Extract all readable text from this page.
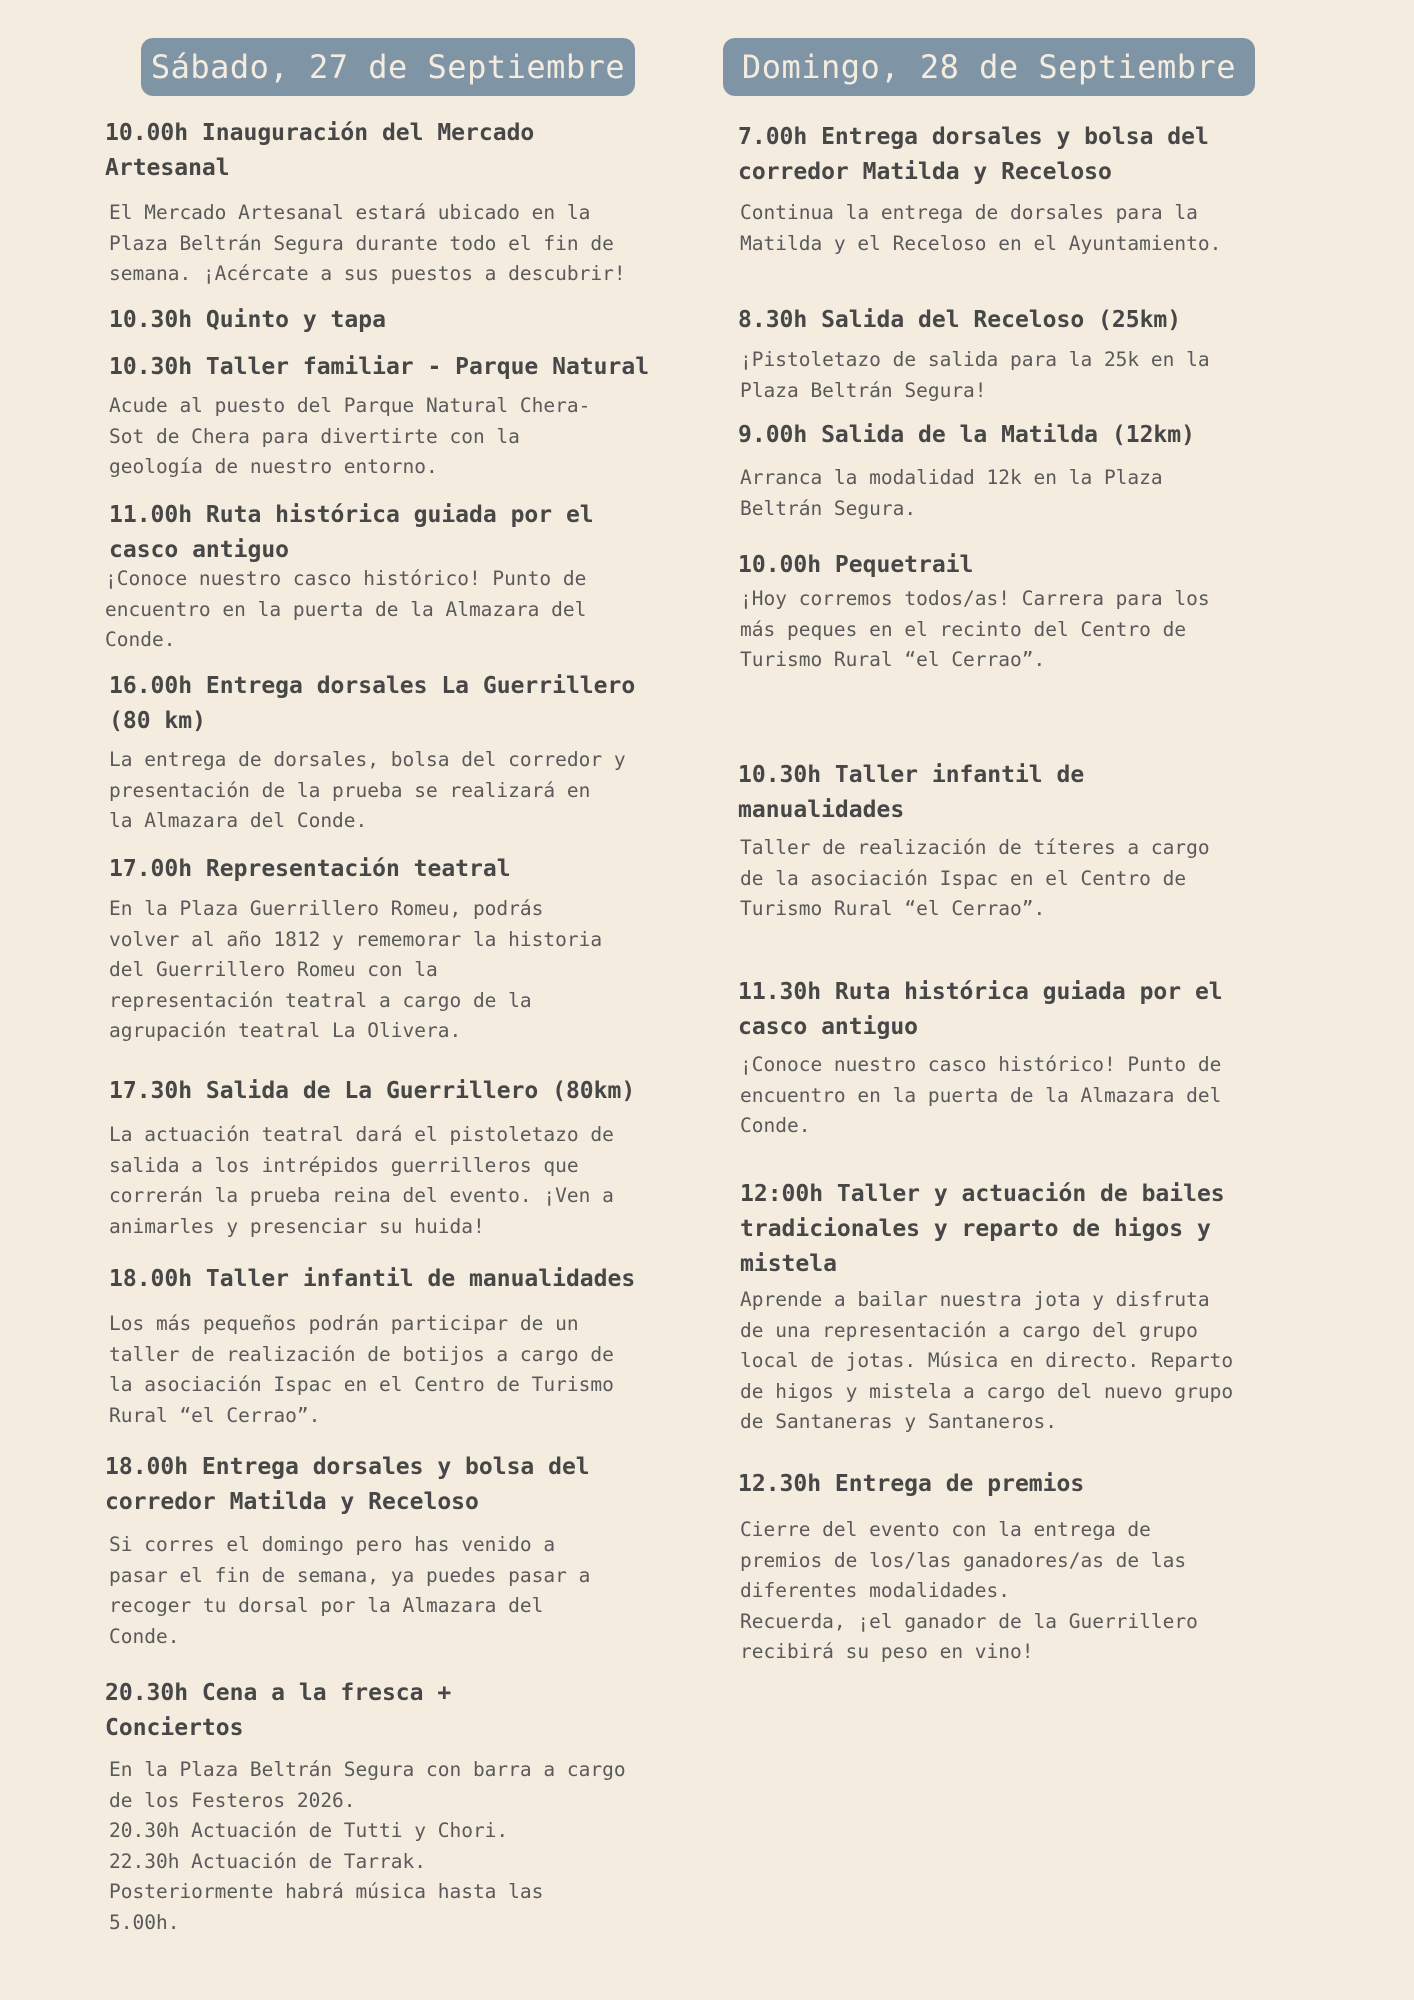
Sábado, 27 de Septiembre	Domingo, 28 de Septiembre
10.00h Inauguración del Mercado
Artesanal
El Mercado Artesanal estará ubicado en la
Plaza Beltrán Segura durante todo el fin de
semana. ¡Acércate a sus puestos a descubrir!
10.30h Quinto y tapa
10.30h Taller familiar - Parque Natural
Acude al puesto del Parque Natural Chera-
Sot de Chera para divertirte con la
geología de nuestro entorno.
11.00h Ruta histórica guiada por el
casco antiguo
¡Conoce nuestro casco histórico! Punto de
encuentro en la puerta de la Almazara del
Conde.
16.00h Entrega dorsales La Guerrillero
(80 km)
La entrega de dorsales, bolsa del corredor y
presentación de la prueba se realizará en
la Almazara del Conde.
17.00h Representación teatral
En la Plaza Guerrillero Romeu, podrás
volver al año 1812 y rememorar la historia
del Guerrillero Romeu con la
representación teatral a cargo de la
agrupación teatral La Olivera.
17.30h Salida de La Guerrillero (80km)
La actuación teatral dará el pistoletazo de
salida a los intrépidos guerrilleros que
correrán la prueba reina del evento. ¡Ven a
animarles y presenciar su huida!
18.00h Taller infantil de manualidades
Los más pequeños podrán participar de un
taller de realización de botijos a cargo de
la asociación Ispac en el Centro de Turismo
Rural “el Cerrao”.
18.00h Entrega dorsales y bolsa del
corredor Matilda y Receloso
Si corres el domingo pero has venido a
pasar el fin de semana, ya puedes pasar a
recoger tu dorsal por la Almazara del
Conde.
20.30h Cena a la fresca +
Conciertos
En la Plaza Beltrán Segura con barra a cargo
de los Festeros 2026.
20.30h Actuación de Tutti y Chori.
22.30h Actuación de Tarrak.
Posteriormente habrá música hasta las
5.00h.
7.00h Entrega dorsales y bolsa del
corredor Matilda y Receloso
Continua la entrega de dorsales para la
Matilda y el Receloso en el Ayuntamiento.
8.30h Salida del Receloso (25km)
¡Pistoletazo de salida para la 25k en la
Plaza Beltrán Segura!
9.00h Salida de la Matilda (12km)
Arranca la modalidad 12k en la Plaza
Beltrán Segura.
10.00h Pequetrail
¡Hoy corremos todos/as! Carrera para los
más peques en el recinto del Centro de
Turismo Rural “el Cerrao”.
10.30h Taller infantil de
manualidades
Taller de realización de títeres a cargo
de la asociación Ispac en el Centro de
Turismo Rural “el Cerrao”.
11.30h Ruta histórica guiada por el
casco antiguo
¡Conoce nuestro casco histórico! Punto de
encuentro en la puerta de la Almazara del
Conde.
12:00h Taller y actuación de bailes
tradicionales y reparto de higos y
mistela
Aprende a bailar nuestra jota y disfruta
de una representación a cargo del grupo
local de jotas. Música en directo. Reparto
de higos y mistela a cargo del nuevo grupo
de Santaneras y Santaneros.
12.30h Entrega de premios
Cierre del evento con la entrega de
premios de los/las ganadores/as de las
diferentes modalidades.
Recuerda, ¡el ganador de la Guerrillero
recibirá su peso en vino!
